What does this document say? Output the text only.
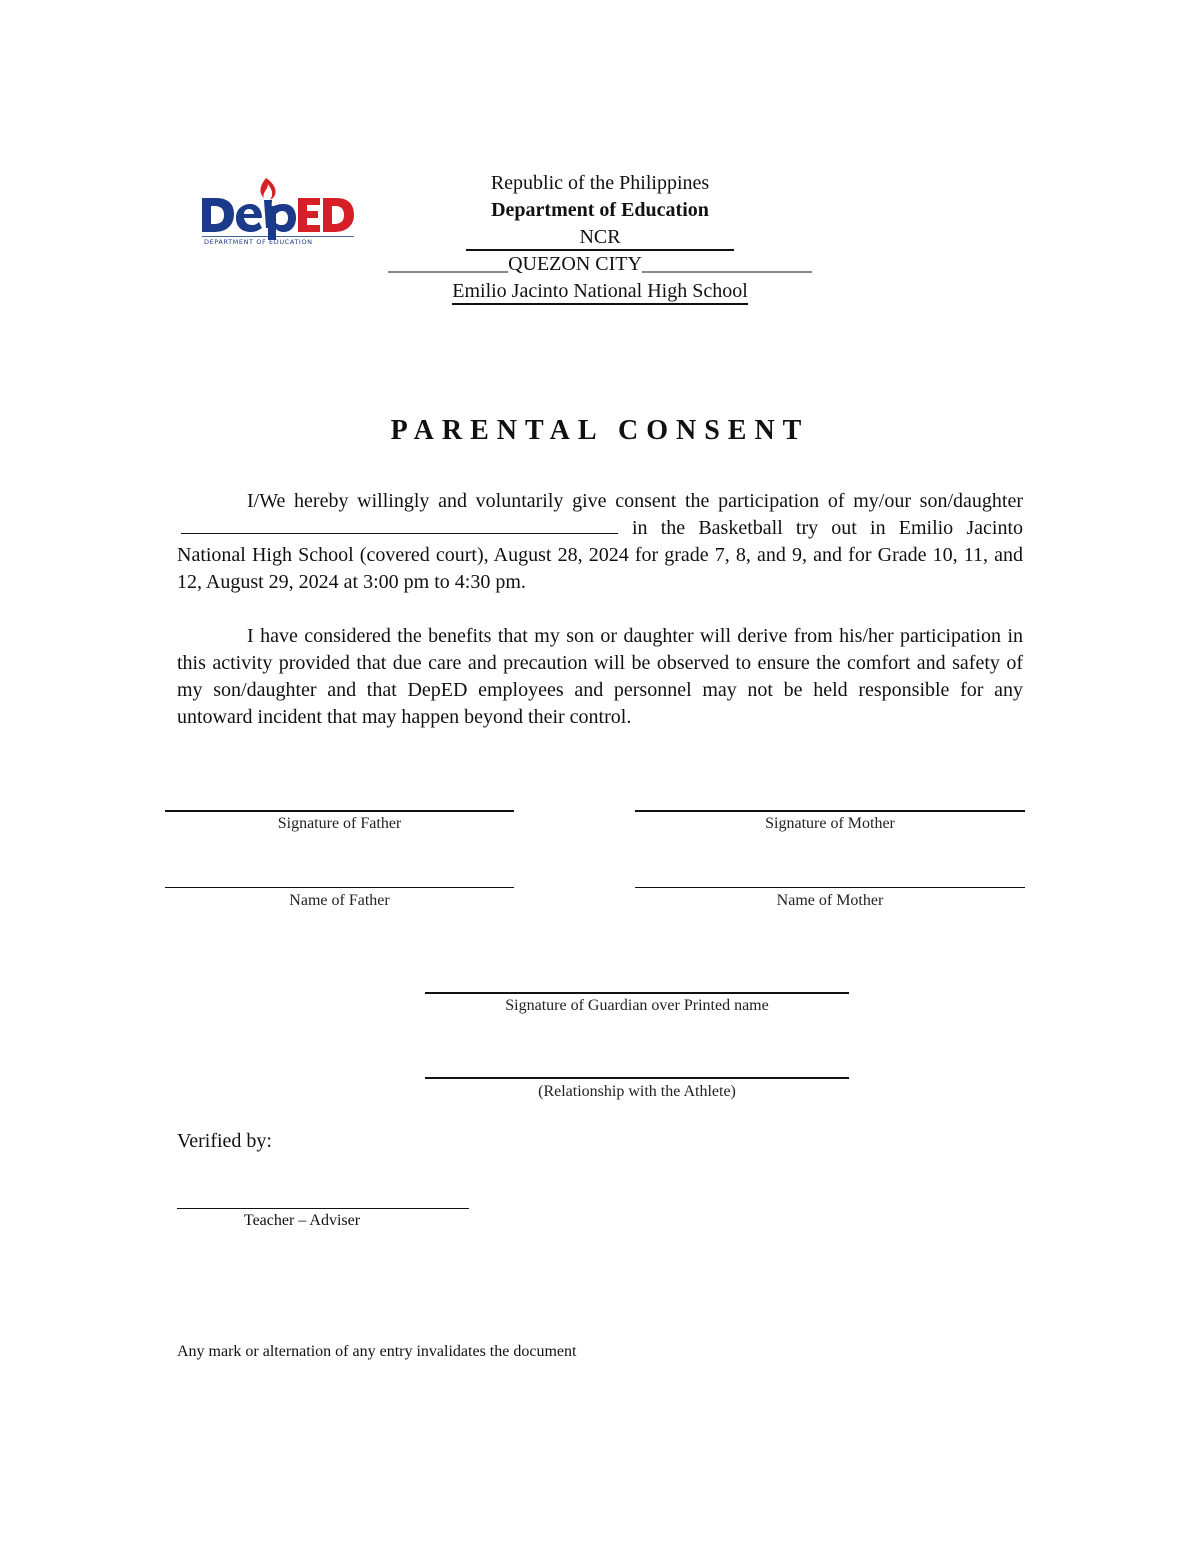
DEPARTMENT OF EDUCATION
Republic of the Philippines
Department of Education
NCR
____________QUEZON CITY_________________
Emilio Jacinto National High School
PARENTAL CONSENT
I/We hereby willingly and voluntarily give consent the participation of my/our son/daughter in the Basketball try out in Emilio Jacinto National High School (covered court), August 28, 2024 for grade 7, 8, and 9, and for Grade 10, 11, and 12, August 29, 2024 at 3:00 pm to 4:30 pm.
I have considered the benefits that my son or daughter will derive from his/her participation in this activity provided that due care and precaution will be observed to ensure the comfort and safety of my son/daughter and that DepED employees and personnel may not be held responsible for any untoward incident that may happen beyond their control.
Signature of Father	Signature of Mother
Name of Father	Name of Mother
Signature of Guardian over Printed name
(Relationship with the Athlete)
Verified by:
Teacher – Adviser
Any mark or alternation of any entry invalidates the document
